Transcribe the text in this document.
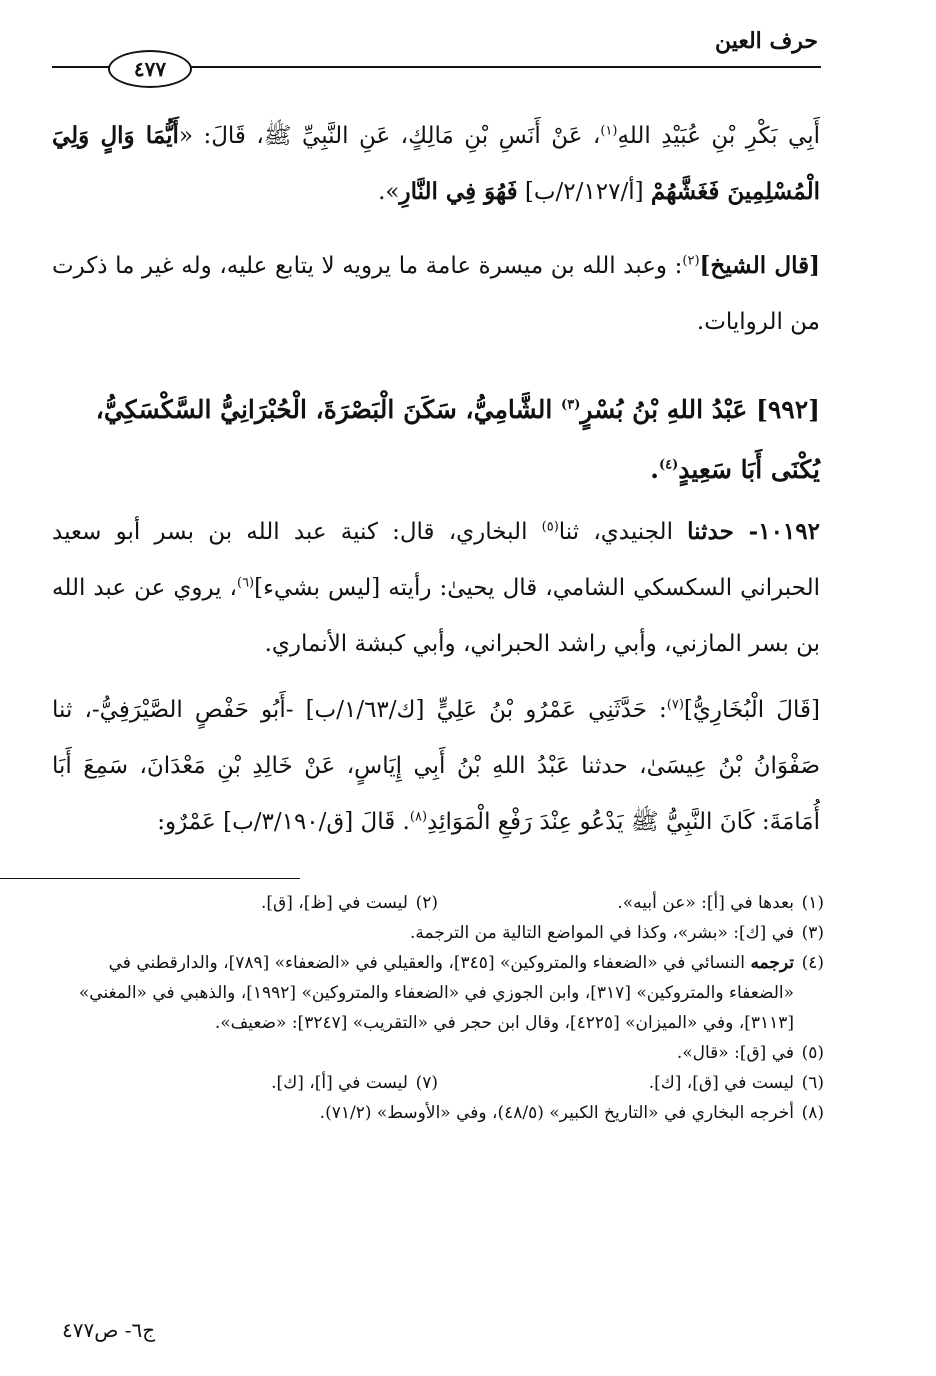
حرف العين
٤٧٧

أَبِي بَكْرِ بْنِ عُبَيْدِ اللهِ$^{(١)}$، عَنْ أَنَسِ بْنِ مَالِكٍ، عَنِ النَّبِيِّ ﷺ، قَالَ: «أَيُّمَا وَالٍ وَلِيَ الْمُسْلِمِينَ فَغَشَّهُمْ [أ/٢/١٢٧/ب] فَهُوَ فِي النَّارِ».

[قال الشيخ]$^{(٢)}$: وعبد الله بن ميسرة عامة ما يرويه لا يتابع عليه، وله غير ما ذكرت من الروايات.

[٩٩٢] عَبْدُ اللهِ بْنُ بُسْرٍ$^{(٣)}$ الشَّامِيُّ، سَكَنَ الْبَصْرَةَ، الْحُبْرَانِيُّ السَّكْسَكِيُّ، يُكْنَى أَبَا سَعِيدٍ$^{(٤)}$.

١٠١٩٢- حدثنا الجنيدي، ثنا$^{(٥)}$ البخاري، قال: كنية عبد الله بن بسر أبو سعيد الحبراني السكسكي الشامي، قال يحيىٰ: رأيته [ليس بشيء]$^{(٦)}$، يروي عن عبد الله بن بسر المازني، وأبي راشد الحبراني، وأبي كبشة الأنماري.

[قَالَ الْبُخَارِيُّ]$^{(٧)}$: حَدَّثَنِي عَمْرُو بْنُ عَلِيٍّ [ك/١/٦٣/ب] -أَبُو حَفْصٍ الصَّيْرَفِيُّ-، ثنا صَفْوَانُ بْنُ عِيسَىٰ، حدثنا عَبْدُ اللهِ بْنُ أَبِي إِيَاسٍ، عَنْ خَالِدِ بْنِ مَعْدَانَ، سَمِعَ أَبَا أُمَامَةَ: كَانَ النَّبِيُّ ﷺ يَدْعُو عِنْدَ رَفْعِ الْمَوَائِدِ$^{(٨)}$. قَالَ [ق/٣/١٩٠/ب] عَمْرٌو:

(١)
بعدها في [أ]: «عن أبيه».
(٢)
ليست في [ظ]، [ق].
(٣)
في [ك]: «بشر»، وكذا في المواضع التالية من الترجمة.
(٤)
ترجمه النسائي في «الضعفاء والمتروكين» [٣٤٥]، والعقيلي في «الضعفاء» [٧٨٩]، والدارقطني في «الضعفاء والمتروكين» [٣١٧]، وابن الجوزي في «الضعفاء والمتروكين» [١٩٩٢]، والذهبي في «المغني» [٣١١٣]، وفي «الميزان» [٤٢٢٥]، وقال ابن حجر في «التقريب» [٣٢٤٧]: «ضعيف».
(٥)
في [ق]: «قال».
(٦)
ليست في [ق]، [ك].
(٧)
ليست في [أ]، [ك].
(٨)
أخرجه البخاري في «التاريخ الكبير» (٤٨/٥)، وفي «الأوسط» (٧١/٢).
ج٦- ص٤٧٧
